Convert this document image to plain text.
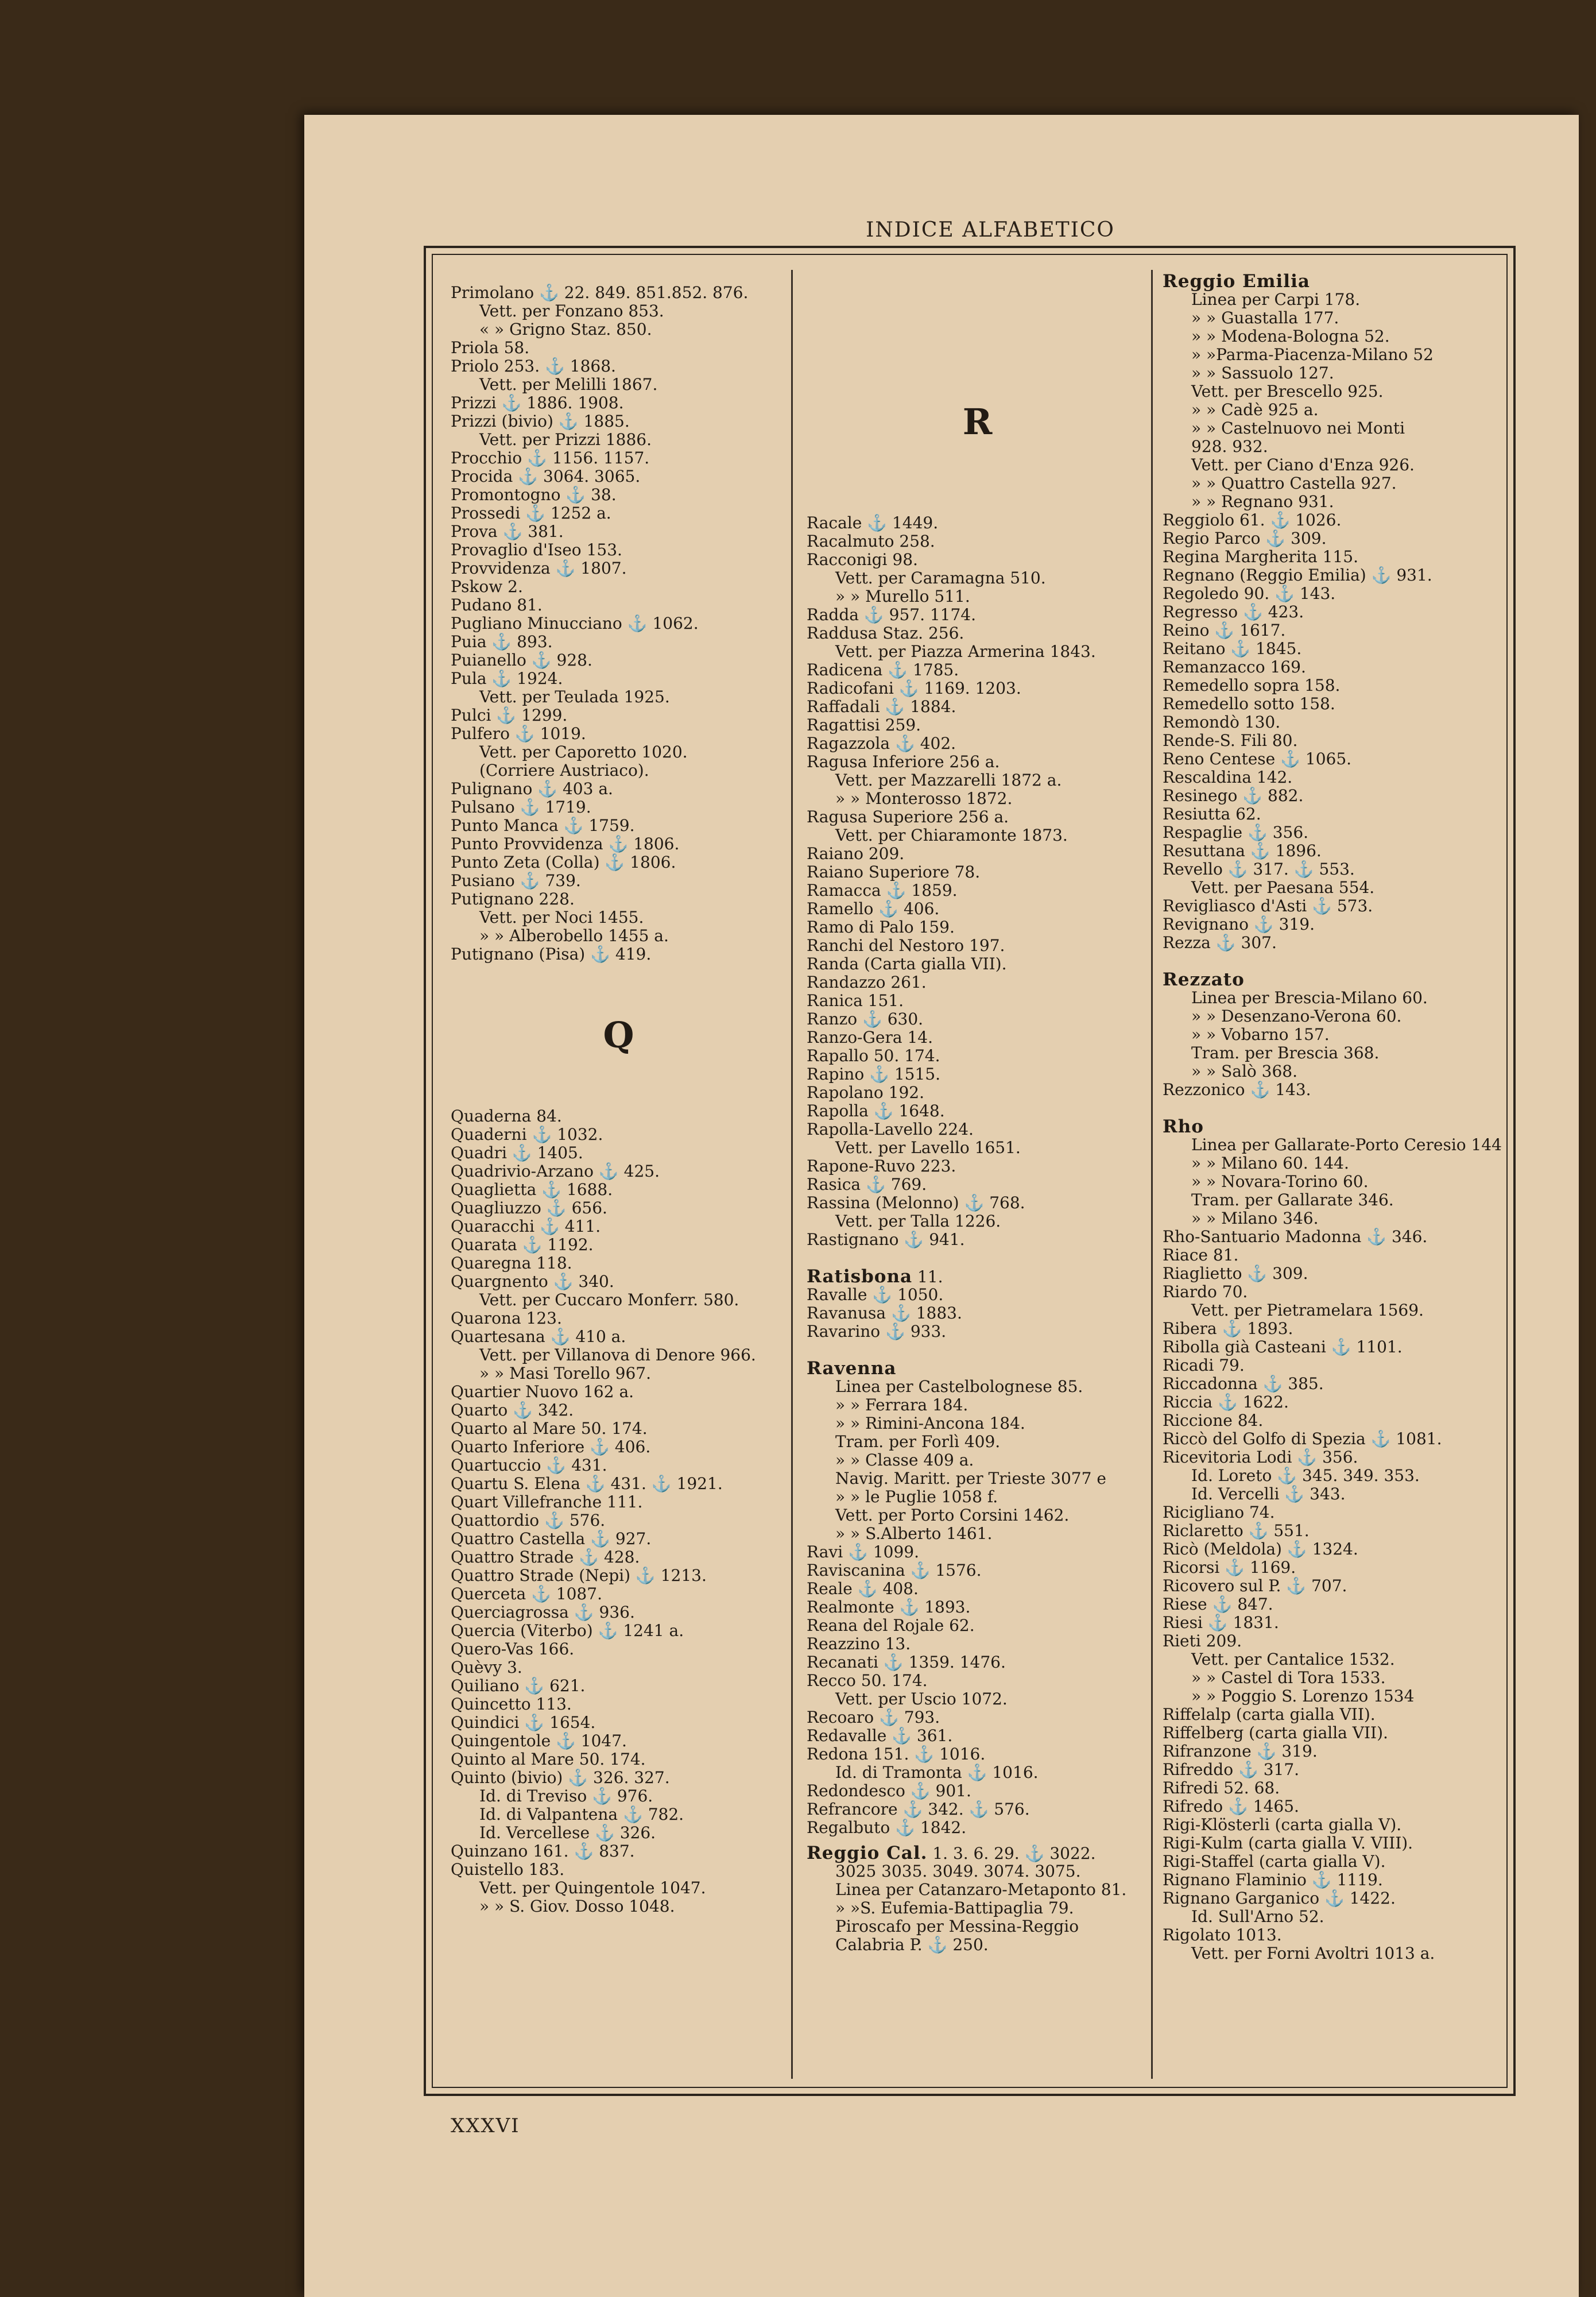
INDICE ALFABETICO
Primolano ⚓ 22. 849. 851.852. 876.
Vett. per Fonzano 853.
« » Grigno Staz. 850.
Priola 58.
Priolo 253. ⚓ 1868.
Vett. per Melilli 1867.
Prizzi ⚓ 1886. 1908.
Prizzi (bivio) ⚓ 1885.
Vett. per Prizzi 1886.
Procchio ⚓ 1156. 1157.
Procida ⚓ 3064. 3065.
Promontogno ⚓ 38.
Prossedi ⚓ 1252 a.
Prova ⚓ 381.
Provaglio d'Iseo 153.
Provvidenza ⚓ 1807.
Pskow 2.
Pudano 81.
Pugliano Minucciano ⚓ 1062.
Puia ⚓ 893.
Puianello ⚓ 928.
Pula ⚓ 1924.
Vett. per Teulada 1925.
Pulci ⚓ 1299.
Pulfero ⚓ 1019.
Vett. per Caporetto 1020.
(Corriere Austriaco).
Pulignano ⚓ 403 a.
Pulsano ⚓ 1719.
Punto Manca ⚓ 1759.
Punto Provvidenza ⚓ 1806.
Punto Zeta (Colla) ⚓ 1806.
Pusiano ⚓ 739.
Putignano 228.
Vett. per Noci 1455.
» » Alberobello 1455 a.
Putignano (Pisa) ⚓ 419.
Q
Quaderna 84.
Quaderni ⚓ 1032.
Quadri ⚓ 1405.
Quadrivio-Arzano ⚓ 425.
Quaglietta ⚓ 1688.
Quagliuzzo ⚓ 656.
Quaracchi ⚓ 411.
Quarata ⚓ 1192.
Quaregna 118.
Quargnento ⚓ 340.
Vett. per Cuccaro Monferr. 580.
Quarona 123.
Quartesana ⚓ 410 a.
Vett. per Villanova di Denore 966.
» » Masi Torello 967.
Quartier Nuovo 162 a.
Quarto ⚓ 342.
Quarto al Mare 50. 174.
Quarto Inferiore ⚓ 406.
Quartuccio ⚓ 431.
Quartu S. Elena ⚓ 431. ⚓ 1921.
Quart Villefranche 111.
Quattordio ⚓ 576.
Quattro Castella ⚓ 927.
Quattro Strade ⚓ 428.
Quattro Strade (Nepi) ⚓ 1213.
Querceta ⚓ 1087.
Querciagrossa ⚓ 936.
Quercia (Viterbo) ⚓ 1241 a.
Quero-Vas 166.
Quèvy 3.
Quiliano ⚓ 621.
Quincetto 113.
Quindici ⚓ 1654.
Quingentole ⚓ 1047.
Quinto al Mare 50. 174.
Quinto (bivio) ⚓ 326. 327.
Id. di Treviso ⚓ 976.
Id. di Valpantena ⚓ 782.
Id. Vercellese ⚓ 326.
Quinzano 161. ⚓ 837.
Quistello 183.
Vett. per Quingentole 1047.
» » S. Giov. Dosso 1048.
R
Racale ⚓ 1449.
Racalmuto 258.
Racconigi 98.
Vett. per Caramagna 510.
» » Murello 511.
Radda ⚓ 957. 1174.
Raddusa Staz. 256.
Vett. per Piazza Armerina 1843.
Radicena ⚓ 1785.
Radicofani ⚓ 1169. 1203.
Raffadali ⚓ 1884.
Ragattisi 259.
Ragazzola ⚓ 402.
Ragusa Inferiore 256 a.
Vett. per Mazzarelli 1872 a.
» » Monterosso 1872.
Ragusa Superiore 256 a.
Vett. per Chiaramonte 1873.
Raiano 209.
Raiano Superiore 78.
Ramacca ⚓ 1859.
Ramello ⚓ 406.
Ramo di Palo 159.
Ranchi del Nestoro 197.
Randa (Carta gialla VII).
Randazzo 261.
Ranica 151.
Ranzo ⚓ 630.
Ranzo-Gera 14.
Rapallo 50. 174.
Rapino ⚓ 1515.
Rapolano 192.
Rapolla ⚓ 1648.
Rapolla-Lavello 224.
Vett. per Lavello 1651.
Rapone-Ruvo 223.
Rasica ⚓ 769.
Rassina (Melonno) ⚓ 768.
Vett. per Talla 1226.
Rastignano ⚓ 941.
Ratisbona 11.
Ravalle ⚓ 1050.
Ravanusa ⚓ 1883.
Ravarino ⚓ 933.
Ravenna
Linea per Castelbolognese 85.
» » Ferrara 184.
» » Rimini-Ancona 184.
Tram. per Forlì 409.
» » Classe 409 a.
Navig. Maritt. per Trieste 3077 e
» » le Puglie 1058 f.
Vett. per Porto Corsini 1462.
» » S.Alberto 1461.
Ravi ⚓ 1099.
Raviscanina ⚓ 1576.
Reale ⚓ 408.
Realmonte ⚓ 1893.
Reana del Rojale 62.
Reazzino 13.
Recanati ⚓ 1359. 1476.
Recco 50. 174.
Vett. per Uscio 1072.
Recoaro ⚓ 793.
Redavalle ⚓ 361.
Redona 151. ⚓ 1016.
Id. di Tramonta ⚓ 1016.
Redondesco ⚓ 901.
Refrancore ⚓ 342. ⚓ 576.
Regalbuto ⚓ 1842.
Reggio Cal. 1. 3. 6. 29. ⚓ 3022.
3025 3035. 3049. 3074. 3075.
Linea per Catanzaro-Metaponto 81.
» »S. Eufemia-Battipaglia 79.
Piroscafo per Messina-Reggio
Calabria P. ⚓ 250.
Reggio Emilia
Linea per Carpi 178.
» » Guastalla 177.
» » Modena-Bologna 52.
» »Parma-Piacenza-Milano 52
» » Sassuolo 127.
Vett. per Brescello 925.
» » Cadè 925 a.
» » Castelnuovo nei Monti
928. 932.
Vett. per Ciano d'Enza 926.
» » Quattro Castella 927.
» » Regnano 931.
Reggiolo 61. ⚓ 1026.
Regio Parco ⚓ 309.
Regina Margherita 115.
Regnano (Reggio Emilia) ⚓ 931.
Regoledo 90. ⚓ 143.
Regresso ⚓ 423.
Reino ⚓ 1617.
Reitano ⚓ 1845.
Remanzacco 169.
Remedello sopra 158.
Remedello sotto 158.
Remondò 130.
Rende-S. Fili 80.
Reno Centese ⚓ 1065.
Rescaldina 142.
Resinego ⚓ 882.
Resiutta 62.
Respaglie ⚓ 356.
Resuttana ⚓ 1896.
Revello ⚓ 317. ⚓ 553.
Vett. per Paesana 554.
Revigliasco d'Asti ⚓ 573.
Revignano ⚓ 319.
Rezza ⚓ 307.
Rezzato
Linea per Brescia-Milano 60.
» » Desenzano-Verona 60.
» » Vobarno 157.
Tram. per Brescia 368.
» » Salò 368.
Rezzonico ⚓ 143.
Rho
Linea per Gallarate-Porto Ceresio 144
» » Milano 60. 144.
» » Novara-Torino 60.
Tram. per Gallarate 346.
» » Milano 346.
Rho-Santuario Madonna ⚓ 346.
Riace 81.
Riaglietto ⚓ 309.
Riardo 70.
Vett. per Pietramelara 1569.
Ribera ⚓ 1893.
Ribolla già Casteani ⚓ 1101.
Ricadi 79.
Riccadonna ⚓ 385.
Riccia ⚓ 1622.
Riccione 84.
Riccò del Golfo di Spezia ⚓ 1081.
Ricevitoria Lodi ⚓ 356.
Id. Loreto ⚓ 345. 349. 353.
Id. Vercelli ⚓ 343.
Ricigliano 74.
Riclaretto ⚓ 551.
Ricò (Meldola) ⚓ 1324.
Ricorsi ⚓ 1169.
Ricovero sul P. ⚓ 707.
Riese ⚓ 847.
Riesi ⚓ 1831.
Rieti 209.
Vett. per Cantalice 1532.
» » Castel di Tora 1533.
» » Poggio S. Lorenzo 1534
Riffelalp (carta gialla VII).
Riffelberg (carta gialla VII).
Rifranzone ⚓ 319.
Rifreddo ⚓ 317.
Rifredi 52. 68.
Rifredo ⚓ 1465.
Rigi-Klösterli (carta gialla V).
Rigi-Kulm (carta gialla V. VIII).
Rigi-Staffel (carta gialla V).
Rignano Flaminio ⚓ 1119.
Rignano Garganico ⚓ 1422.
Id. Sull'Arno 52.
Rigolato 1013.
Vett. per Forni Avoltri 1013 a.
XXXVI
